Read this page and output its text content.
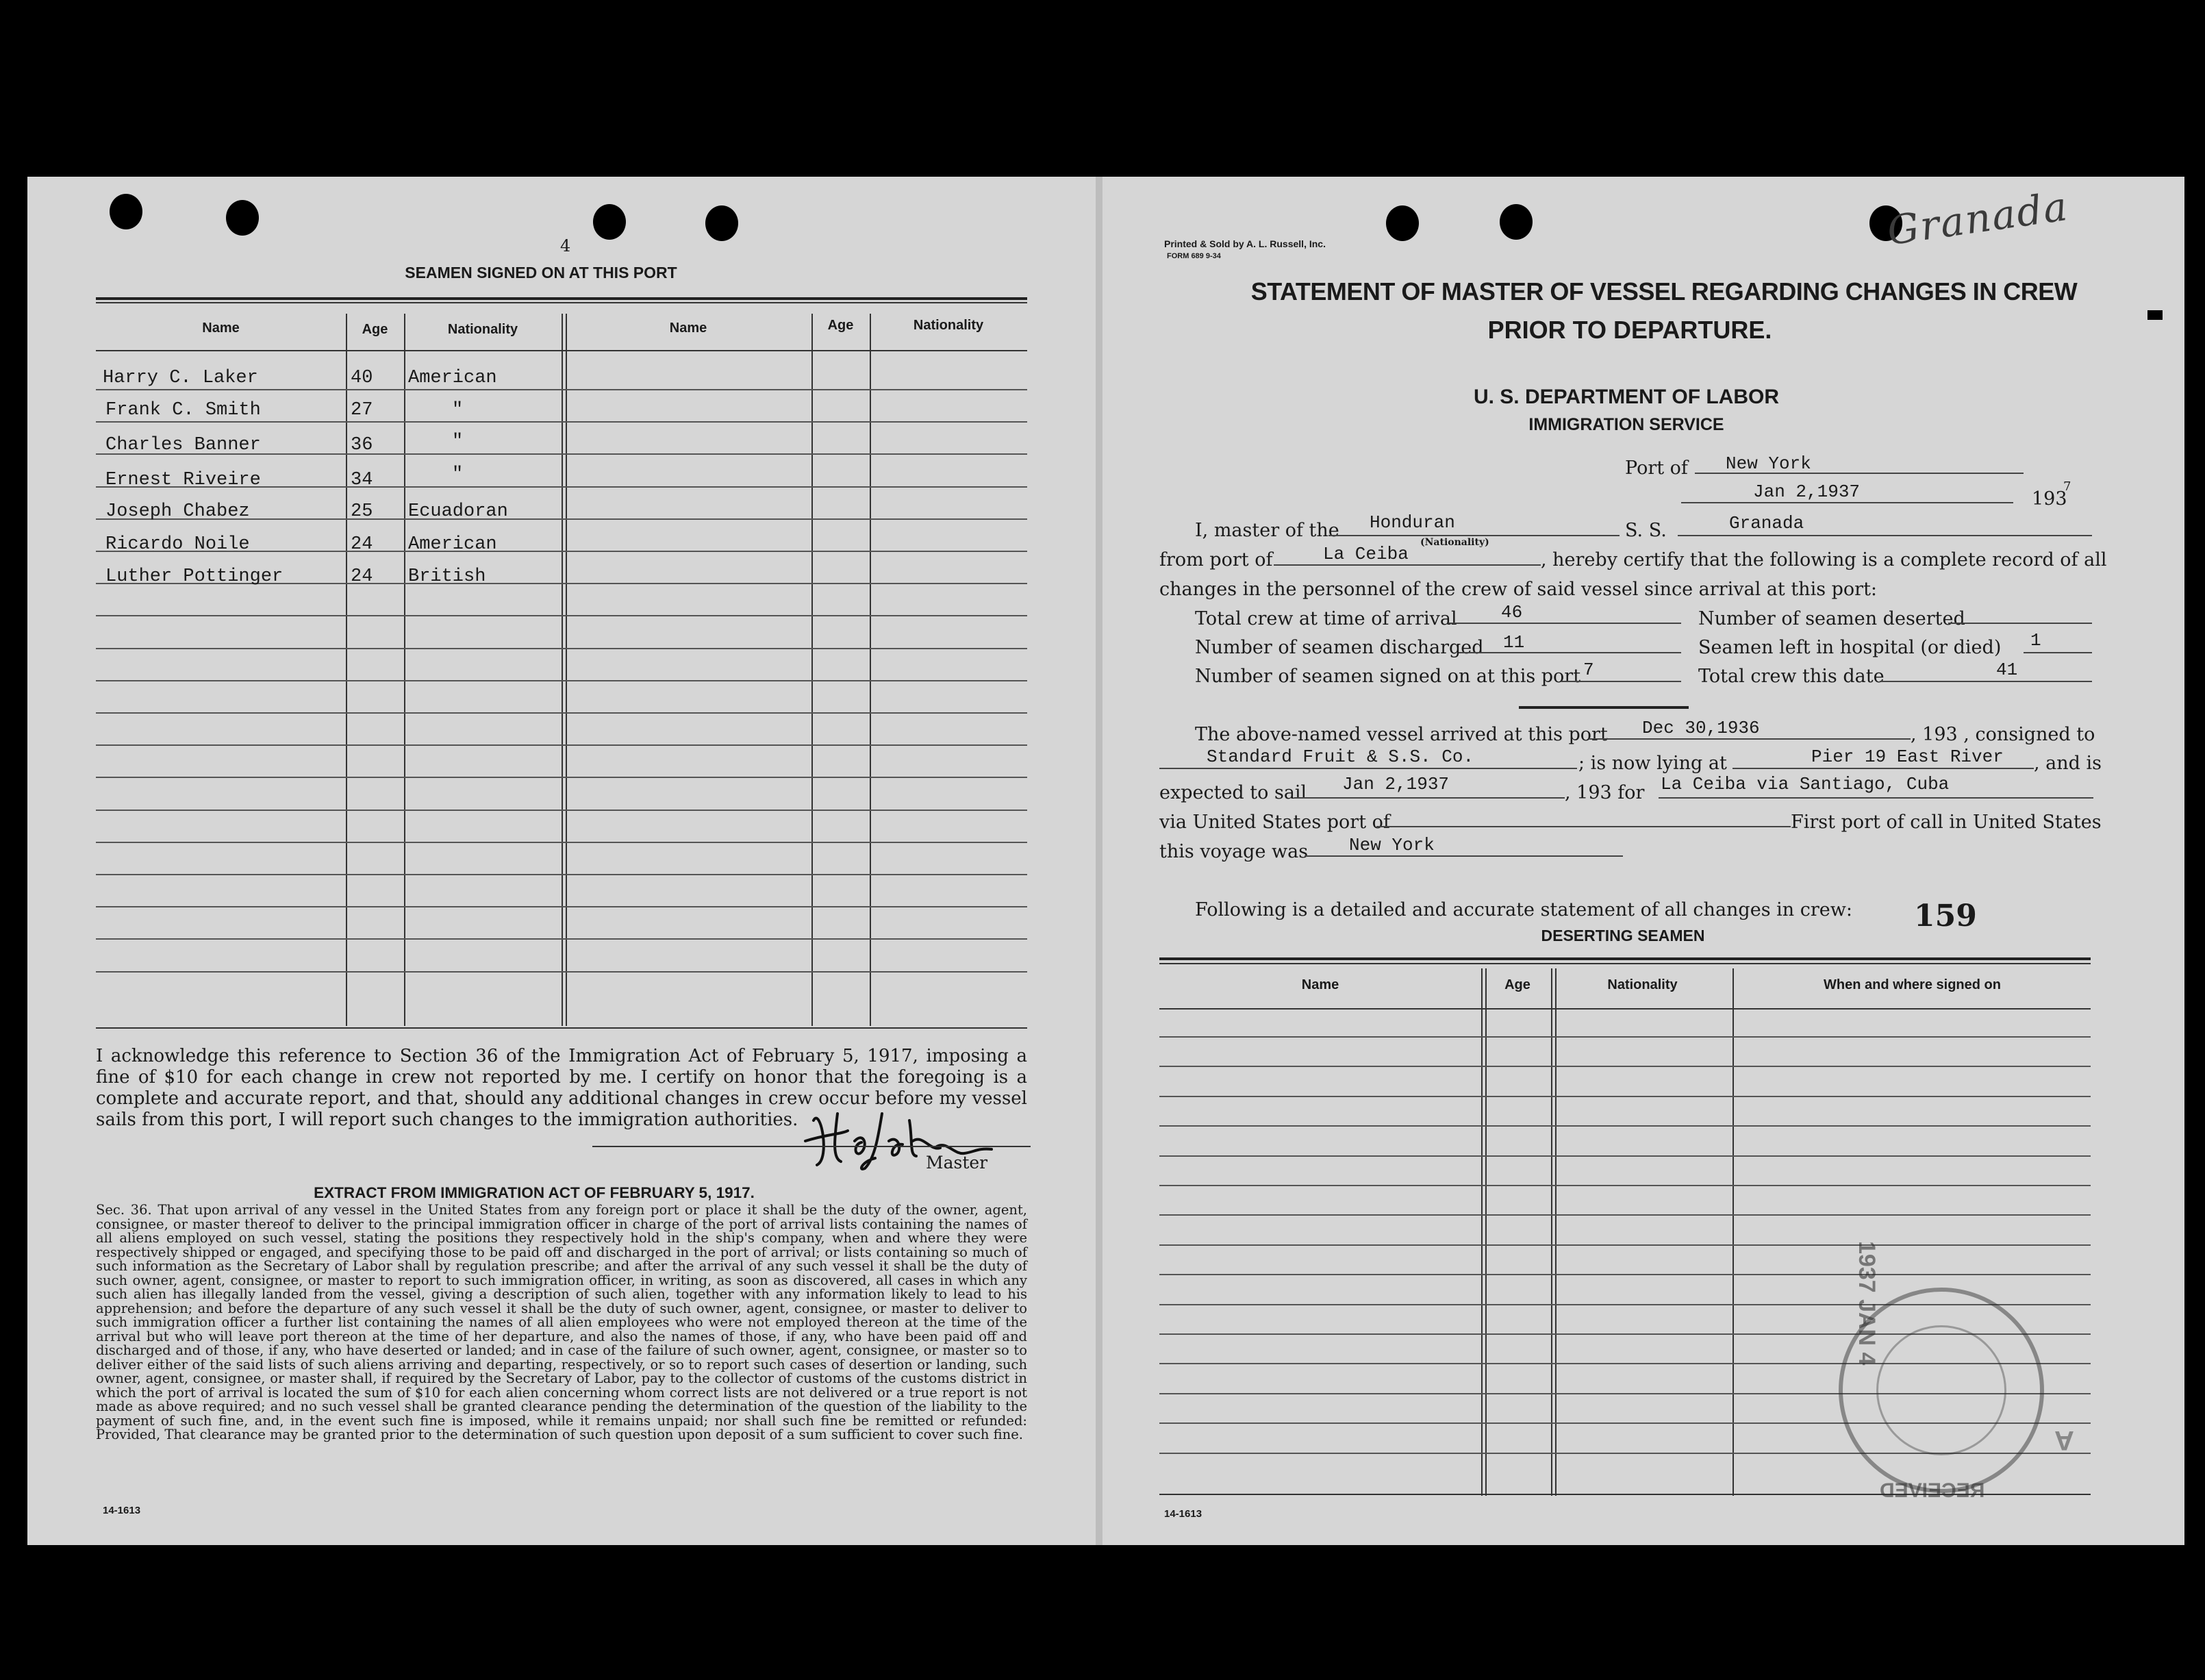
4
SEAMEN SIGNED ON AT THIS PORT
Name	Age	Nationality	Name	Age	Nationality
Harry C. Laker	40 American
Frank C. Smith	27	"
Charles Banner	36	"
Ernest Riveire	34	"
Joseph Chabez	25 Ecuadoran
Ricardo Noile	24 American
Luther Pottinger	24 British
I acknowledge this reference to Section 36 of the Immigration Act of February 5, 1917, imposing a fine of $10 for each change in crew not reported by me. I certify on honor that the foregoing is a complete and accurate report, and that, should any additional changes in crew occur before my vessel sails from this port, I will report such changes to the immigration authorities.
Master
EXTRACT FROM IMMIGRATION ACT OF FEBRUARY 5, 1917.
Sec. 36. That upon arrival of any vessel in the United States from any foreign port or place it shall be the duty of the owner, agent, consignee, or master thereof to deliver to the principal immigration officer in charge of the port of arrival lists containing the names of all aliens employed on such vessel, stating the positions they respectively hold in the ship's company, when and where they were respectively shipped or engaged, and specifying those to be paid off and discharged in the port of arrival; or lists containing so much of such information as the Secretary of Labor shall by regulation prescribe; and after the arrival of any such vessel it shall be the duty of such owner, agent, consignee, or master to report to such immigration officer, in writing, as soon as discovered, all cases in which any such alien has illegally landed from the vessel, giving a description of such alien, together with any information likely to lead to his apprehension; and before the departure of any such vessel it shall be the duty of such owner, agent, consignee, or master to deliver to such immigration officer a further list containing the names of all alien employees who were not employed thereon at the time of the arrival but who will leave port thereon at the time of her departure, and also the names of those, if any, who have been paid off and discharged and of those, if any, who have deserted or landed; and in case of the failure of such owner, agent, consignee, or master so to deliver either of the said lists of such aliens arriving and departing, respectively, or so to report such cases of desertion or landing, such owner, agent, consignee, or master shall, if required by the Secretary of Labor, pay to the collector of customs of the customs district in which the port of arrival is located the sum of $10 for each alien concerning whom correct lists are not delivered or a true report is not made as above required; and no such vessel shall be granted clearance pending the determination of the question of the liability to the payment of such fine, and, in the event such fine is imposed, while it remains unpaid; nor shall such fine be remitted or refunded: Provided, That clearance may be granted prior to the determination of such question upon deposit of a sum sufficient to cover such fine.
14-1613
Printed & Sold by A. L. Russell, Inc.
FORM 689 9-34
Granada
STATEMENT OF MASTER OF VESSEL REGARDING CHANGES IN CREW
PRIOR TO DEPARTURE.
U. S. DEPARTMENT OF LABOR
IMMIGRATION SERVICE
Port of New York
Jan 2,1937	193
7
I, master of the Honduran	S. S.	Granada
from port of	La Ceiba
(Nationality)
, hereby certify that the following is a complete record of all
changes in the personnel of the crew of said vessel since arrival at this port:
Total crew at time of arrival 46	Number of seamen deserted
Number of seamen discharged 11	Seamen left in hospital (or died) 1
Number of seamen signed on at this port 7	Total crew this date	41
The above-named vessel arrived at this port Dec 30,1936	, 193 , consigned to
Standard Fruit & S.S. Co.	; is now lying at	Pier 19 East River , and is
expected to sail Jan 2,1937	, 193 for La Ceiba via Santiago, Cuba
via United States port of	First port of call in United States
this voyage was New York
Following is a detailed and accurate statement of all changes in crew: 159
DESERTING SEAMEN
Name	Age	Nationality	When and where signed on
1937 JAN 4
A
RECEIVED
14-1613
